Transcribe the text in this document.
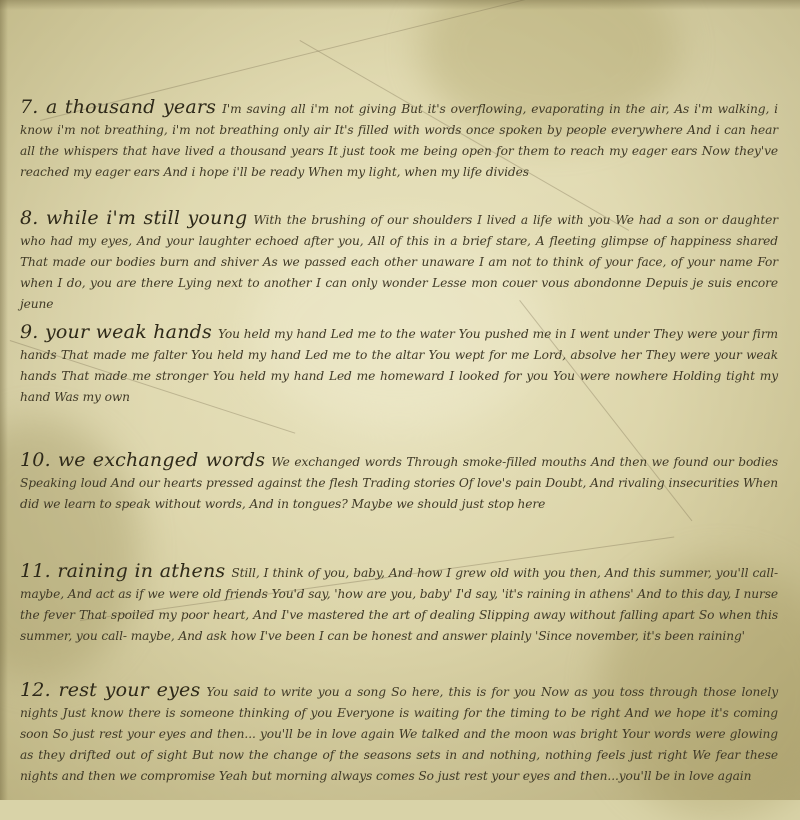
7. a thousand years I'm saving all i'm not giving But it's overflowing, evaporating in the air, As i'm walking, i know i'm not breathing, i'm not breathing only air It's filled with words once spoken by people everywhere And i can hear all the whispers that have lived a thousand years It just took me being open for them to reach my eager ears Now they've reached my eager ears And i hope i'll be ready When my light, when my life divides
8. while i'm still young With the brushing of our shoulders I lived a life with you We had a son or daughter who had my eyes, And your laughter echoed after you, All of this in a brief stare, A fleeting glimpse of happiness shared That made our bodies burn and shiver As we passed each other unaware I am not to think of your face, of your name For when I do, you are there Lying next to another I can only wonder Lesse mon couer vous abondonne Depuis je suis encore jeune
9. your weak hands You held my hand Led me to the water You pushed me in I went under They were your firm hands That made me falter You held my hand Led me to the altar You wept for me Lord, absolve her They were your weak hands That made me stronger You held my hand Led me homeward I looked for you You were nowhere Holding tight my hand Was my own
10. we exchanged words We exchanged words Through smoke-filled mouths And then we found our bodies Speaking loud And our hearts pressed against the flesh Trading stories Of love's pain Doubt, And rivaling insecurities When did we learn to speak without words, And in tongues? Maybe we should just stop here
11. raining in athens Still, I think of you, baby, And how I grew old with you then, And this summer, you'll call- maybe, And act as if we were old friends You'd say, 'how are you, baby' I'd say, 'it's raining in athens' And to this day, I nurse the fever That spoiled my poor heart, And I've mastered the art of dealing Slipping away without falling apart So when this summer, you call- maybe, And ask how I've been I can be honest and answer plainly 'Since november, it's been raining'
12. rest your eyes You said to write you a song So here, this is for you Now as you toss through those lonely nights Just know there is someone thinking of you Everyone is waiting for the timing to be right And we hope it's coming soon So just rest your eyes and then... you'll be in love again We talked and the moon was bright Your words were glowing as they drifted out of sight But now the change of the seasons sets in and nothing, nothing feels just right We fear these nights and then we compromise Yeah but morning always comes So just rest your eyes and then...you'll be in love again
